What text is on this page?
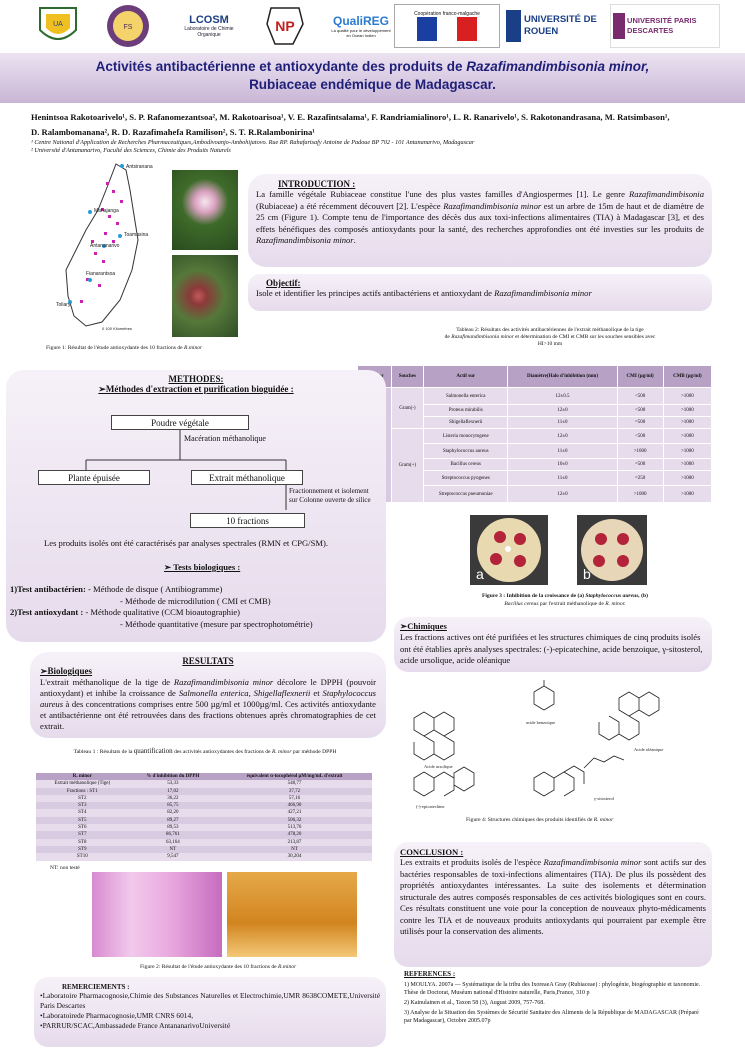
UA	FS
LCOSM
Laboratoire de Chimie Organique
NP	QualiREG
La qualité pour le développement en Océan Indien
Coopération franco-malgache	UNIVERSITÉ DE ROUEN
UNIVERSITÉ PARIS DESCARTES
Activités antibactérienne et antioxydante des produits de Razafimandimbisonia minor,
Rubiaceae endémique de Madagascar.
Henintsoa Rakotoarivelo¹, S. P. Rafanomezantsoa², M. Rakotoarisoa¹, V. E. Razafintsalama¹, F. Randriamialinoro¹, L. R. Ranarivelo¹, S. Rakotonandrasana, M. Ratsimbason¹,
D. Ralambomanana², R. D. Razafimahefa Ramilison², S. T. R.Ralambonirina¹
¹ Centre National d'Application de Recherches Pharmaceutiques,Ambodivoanjo-Ambohijatovo. Rue RP. Rahafartsafy Antoine de Padoue BP 702 - 101 Antananarivo, Madagascar
² Université d'Antananarivo, Faculté des Sciences, Chimie des Produits Naturels
Antsiranana
Mahajanga
Toamasina
Antananarivo
Fianarantsoa
Toliary
0 100 Kilomètres
Figure 1: Résultat de l'étude antioxydante des 10 fractions de R.minor
INTRODUCTION :
La famille végétale Rubiaceae constitue l'une des plus vastes familles d'Angiospermes [1]. Le genre Razafimandimbisonia (Rubiaceae) a été récemment découvert [2]. L'espèce Razafimandimbisonia minor est un arbre de 15m de haut et de diamètre de 25 cm (Figure 1). Compte tenu de l'importance des décès dus aux toxi-infections alimentaires (TIA) à Madagascar [3], et des effets bénéfiques des composés antioxydants pour la santé, des recherches approfondies ont été investies sur les produits de Razafimandimbisonia minor.
Objectif:
Isole et identifier les principes actifs antibactériens et antioxydant de Razafimandimbisonia minor
Tableau 2: Résultats des activités antibactériennes de l'extrait méthanolique de la tige
de Razafimandimbisonia minor et détermination de CMI et CMB sur les souches sensibles avec
HI>10 mm
	Souches	Actif sur	Diamètre(Halo d'inhibition (mm)	CMI (µg/ml)	CMB (µg/ml)
	Gram(-)	Salmonella enterica	12±0.5	<500	>1000
		Proteus mirabilis	12±0	<500	>1000
		Shigellaflexnerii	11±0	=500	>1000
	Gram(+)	Listeria monocytogene	12±0	<500	>1000
		Staphylococcus aureus	11±0	>1000	>1000
		Bacillus cereus	10±0	=500	>1000
		Streptococcus pyogenes	11±0	=250	>1000
		Streptococcus pneumoniae	12±0	>1000	>1000
a	b
Figure 3 : Inhibition de la croissance de (a) Staphylococcus aureus, (b)
Bacillus cereus par l'extrait méthanolique de R. minor.
METHODES:
➢Méthodes d'extraction et purification bioguidée :
Poudre végétale
Macération méthanolique
Plante épuisée	Extrait méthanolique
Fractionnement et isolement
sur Colonne ouverte de silice
10 fractions
Les produits isolés ont été caractérisés par analyses spectrales (RMN et CPG/SM).
➢ Tests biologiques :
1)Test antibactérien: - Méthode de disque ( Antibiogramme)
- Méthode de microdilution ( CMI et CMB)
2)Test antioxydant : - Méthode qualitative (CCM bioautographie)
- Méthode quantitative (mesure par spectrophotométrie)
RESULTATS
➢Biologiques
L'extrait méthanolique de la tige de Razafimandimbisonia minor décolore le DPPH (pouvoir antioxydant) et inhibe la croissance de Salmonella enterica, Shigellaflexnerii et Staphylococcus aureus à des concentrations comprises entre 500 µg/ml et 1000µg/ml. Ces activités antioxydante et antibactérienne ont été retrouvées dans des fractions obtenues après chromatographies de cet extrait.
Tableau 1 : Résultats de la quantification des activités antioxydantes des fractions de R. minor par méthode DPPH
R. minor	% d'inhibition du DPPH	équivalent ɑ-tocophérol µM/mg/mL d'extrait
Extrait méthanolique (Tige)	53,33	548,77
Fractions : ST1	17,02	37,72
ST2	36,22	57,16
ST3	85,75	466,90
ST4	82,20	427,21
ST5	89,27	506,32
ST6	89,53	513,76
ST7	86,761	478,20
ST8	63,164	213,87
ST9	NT	NT
ST10	9,547	30,204
NT: non testé
Figure 2: Résultat de l'étude antioxydante des 10 fractions de R.minor
REMERCIEMENTS :
•Laboratoire Pharmacognosie,Chimie des Substances Naturelles et Electrochimie,UMR 8638COMETE,Université Paris Descartes
•Laboratoirede Pharmacognosie,UMR CNRS 6014,
•PARRUR/SCAC,Ambassadede France AntananarivoUniversité
➢Chimiques
Les fractions actives ont été purifiées et les structures chimiques de cinq produits isolés ont été établies après analyses spectrales: (-)-epicatechine, acide benzoique, γ-sitosterol, acide ursolique, acide oléanique
Acide ursolique
acide benzoique
Acide oléanique
(-)-epicatechine
γ-sitosterol
Figure 4: Structures chimiques des produits identifiés de R. minor
CONCLUSION :
Les extraits et produits isolés de l'espèce Razafimandimbisonia minor sont actifs sur des bactéries responsables de toxi-infections alimentaires (TIA). De plus ils possèdent des propriétés antioxydantes intéressantes. La suite des isolements et détermination structurale des autres composés responsables de ces activités biologiques sont en cours. Ces résultats constituent une voie pour la conception de nouveaux phyto-médicaments contre les TIA et de nouveaux produits antioxydants qui pourraient par exemple être utilisés pour la conservation des aliments.
REFERENCES :
1) MOULYA. 2007a — Systématique de la tribu des IxoreaeA Gray (Rubiaceae) : phylogénie, biogéographie et taxonomie. Thèse de Doctorat, Muséum national d'Histoire naturelle, Paris,France, 310 p
2) Kainulainen et al., Taxon 58 (3), August 2009, 757-768.
3) Analyse de la Situation des Systèmes de Sécurité Sanitaire des Aliments de la République de MADAGASCAR (Préparé par Madagascar), Octobre 2005.07p
